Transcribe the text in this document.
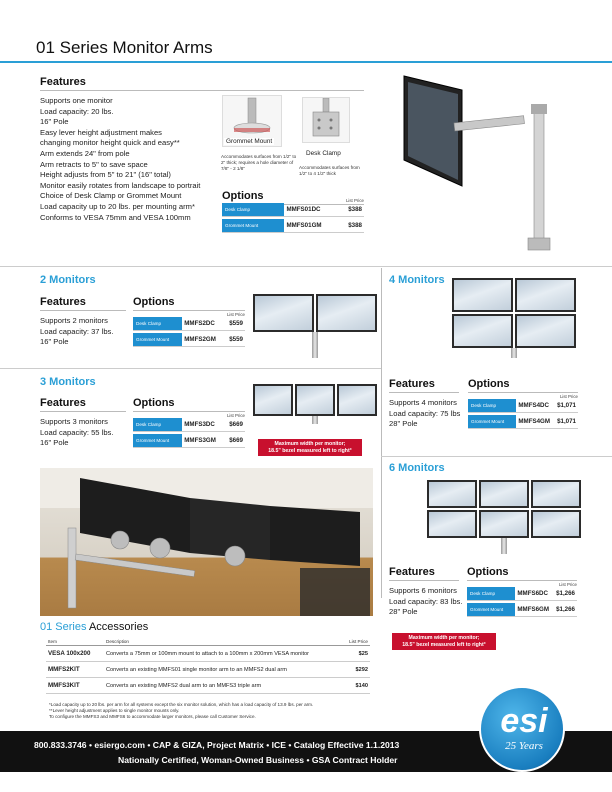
01 Series Monitor Arms
Features
Supports one monitor
Load capacity: 20 lbs.
16" Pole
Easy lever height adjustment makes
changing monitor height quick and easy**
Arm extends 24" from pole
Arm retracts to 5" to save space
Height adjusts from 5" to 21" (16" total)
Monitor easily rotates from landscape to portrait
Choice of Desk Clamp or Grommet Mount
Load capacity up to 20 lbs. per mounting arm*
Conforms to VESA 75mm and VESA 100mm
Grommet Mount
Accommodates surfaces from 1/2" to 2" thick; requires a hole diameter of 7/8" - 2 1/8"
Desk Clamp
Accommodates surfaces from 1/2" to 4 1/2" thick
Options	List Price
Desk Clamp	MMFS01DC	$388

Grommet Mount	MMFS01GM	$388
2 Monitors
Features
Supports 2 monitors
Load capacity: 37 lbs.
16" Pole
Options
List Price
Desk Clamp	MMFS2DC	$559

Grommet Mount	MMFS2GM	$559
3 Monitors
Features
Supports 3 monitors
Load capacity: 55 lbs.
16" Pole
Options
List Price
Desk Clamp	MMFS3DC	$669

Grommet Mount	MMFS3GM	$669
Maximum width per monitor;
18.5" bezel measured left to right°
4 Monitors
Features
Supports 4 monitors
Load capacity: 75 lbs
28" Pole
Options
List Price
Desk Clamp	MMFS4DC	$1,071

Grommet Mount	MMFS4GM	$1,071
6 Monitors
Features
Supports 6 monitors
Load capacity: 83 lbs.
28" Pole
Options
List Price
Desk Clamp	MMFS6DC	$1,266

Grommet Mount	MMFS6GM	$1,266
Maximum width per monitor;
18.5" bezel measured left to right°
01 Series Accessories
Item	Description	List Price
VESA 100x200	Converts a 75mm or 100mm mount to attach to a 100mm x 200mm VESA monitor	$25
MMFS2KIT	Converts an existing MMFS01 single monitor arm to an MMFS2 dual arm	$292
MMFS3KIT	Converts an existing MMFS2 dual arm to an MMFS3 triple arm	$140
*Load capacity up to 20 lbs. per arm for all systems except the six monitor solution, which has a load capacity of 13.9 lbs. per arm.
**Lever height adjustment applies to single monitor mounts only.
To configure the MMFS3 and MMFS6 to accommodate larger monitors, please call Customer Service.
800.833.3746 • esiergo.com • CAP & GIZA, Project Matrix • ICE • Catalog Effective 1.1.2013
Nationally Certified, Woman-Owned Business • GSA Contract Holder
esi
25 Years
